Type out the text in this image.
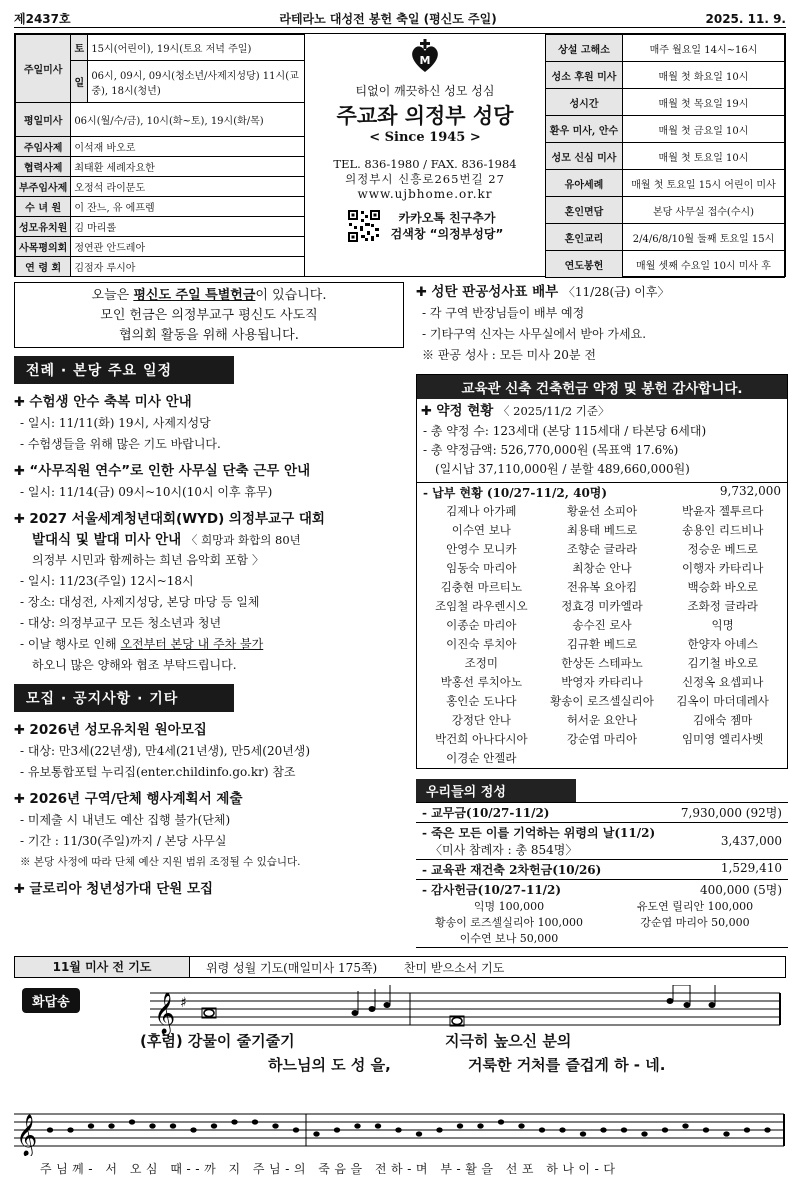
제2437호	라테라노 대성전 봉헌 축일 (평신도 주일)	2025. 11. 9.
주일미사	토	15시(어린이), 19시(토요 저녁 주일)
	일	06시, 09시, 09시(청소년/사제지성당) 11시(교중), 18시(청년)
평일미사	06시(월/수/금), 10시(화~토), 19시(화/목)	
주임사제	이석재 바오로	
협력사제	최태환 세례자요한	
부주임사제	오정석 라이문도	
수 녀 원	이 잔느, 유 에프렘	
성모유치원	김 마리롤	
사목평의회	정연관 안드레아	
연 령 회	김점자 루시아	
M
티없이 깨끗하신 성모 성심
주교좌 의정부 성당
< Since 1945 >
TEL. 836-1980 / FAX. 836-1984
의정부시 신흥로265번길 27
www.ujbhome.or.kr
카카오톡 친구추가
검색창 “의정부성당”
상설 고해소	매주 월요일 14시~16시
성소 후원 미사	매월 첫 화요일 10시
성시간	매월 첫 목요일 19시
환우 미사, 안수	매월 첫 금요일 10시
성모 신심 미사	매월 첫 토요일 10시
유아세례	매월 첫 토요일 15시 어린이 미사
혼인면담	본당 사무실 접수(수시)
혼인교리	2/4/6/8/10월 둘째 토요일 15시
연도봉헌	매월 셋째 수요일 10시 미사 후
오늘은 평신도 주일 특별헌금이 있습니다.
모인 헌금은 의정부교구 평신도 사도직
협의회 활동을 위해 사용됩니다.
전례 · 본당 주요 일정
✚ 수험생 안수 축복 미사 안내
- 일시: 11/11(화) 19시, 사제지성당
- 수험생들을 위해 많은 기도 바랍니다.
✚ “사무직원 연수”로 인한 사무실 단축 근무 안내
- 일시: 11/14(금) 09시~10시(10시 이후 휴무)
✚ 2027 서울세계청년대회(WYD) 의정부교구 대회
발대식 및 발대 미사 안내 〈 희망과 화합의 80년
의정부 시민과 함께하는 희년 음악회 포함 〉
- 일시: 11/23(주일) 12시~18시
- 장소: 대성전, 사제지성당, 본당 마당 등 일체
- 대상: 의정부교구 모든 청소년과 청년
- 이날 행사로 인해 오전부터 본당 내 주차 불가
하오니 많은 양해와 협조 부탁드립니다.
모집 · 공지사항 · 기타
✚ 2026년 성모유치원 원아모집
- 대상: 만3세(22년생), 만4세(21년생), 만5세(20년생)
- 유보통합포털 누리집(enter.childinfo.go.kr) 참조
✚ 2026년 구역/단체 행사계획서 제출
- 미제출 시 내년도 예산 집행 불가(단체)
- 기간 : 11/30(주일)까지 / 본당 사무실
※ 본당 사정에 따라 단체 예산 지원 범위 조정될 수 있습니다.
✚ 글로리아 청년성가대 단원 모집
✚ 성탄 판공성사표 배부 〈11/28(금) 이후〉
- 각 구역 반장님들이 배부 예정
- 기타구역 신자는 사무실에서 받아 가세요.
※ 판공 성사 : 모든 미사 20분 전
교육관 신축 건축헌금 약정 및 봉헌 감사합니다.
✚ 약정 현황 〈 2025/11/2 기준〉
- 총 약정 수: 123세대 (본당 115세대 / 타본당 6세대)
- 총 약정금액: 526,770,000원 (목표액 17.6%)
(일시납 37,110,000원 / 분할 489,660,000원)
- 납부 현황 (10/27-11/2, 40명)	9,732,000
김제나 아가페	황윤선 소피아	박윤자 젤투르다
이수연 보나	최용태 베드로	송용인 리드비나
안영수 모니카	조향순 글라라	정승운 베드로
임동숙 마리아	최창순 안나	이행자 카타리나
김충현 마르티노	전유복 요아킴	백승화 바오로
조임철 라우렌시오	정효경 미카엘라	조화정 글라라
이종순 마리아	송수진 로사	익명
이진숙 루치아	김규환 베드로	한양자 아녜스
조정미	한상돈 스테파노	김기철 바오로
박홍선 루치아노	박영자 카타리나	신정옥 요셉피나
홍인순 도나다	황송이 로즈셀실리아	김옥이 마더데레사
강정단 안나	허서운 요안나	김애숙 젬마
박건희 아나다시아	강순엽 마리아	임미영 엘리사벳
이경순 안젤라
우리들의 정성
- 교무금(10/27-11/2)	7,930,000 (92명)
- 죽은 모든 이를 기억하는 위령의 날(11/2)
〈미사 참례자 : 총 854명〉
3,437,000
- 교육관 재건축 2차헌금(10/26)	1,529,410
- 감사헌금(10/27-11/2)	400,000 (5명)
익명 100,000	유도연 릴리안 100,000
황송이 로즈셀실리아 100,000	강순엽 마리아 50,000
이수연 보나 50,000
11월 미사 전 기도	위령 성월 기도(매일미사 175쪽)       찬미 받으소서 기도
화답송 𝄞 ♯
(후렴) 강물이 줄기줄기	지극히 높으신 분의
하느님의 도 성 을,	거룩한 거처를 즐겁게 하 - 네.
𝄞
주님께- 서 오심 때--까 지 주님-의 죽음을 전하-며 부-활을 선포 하나이-다
